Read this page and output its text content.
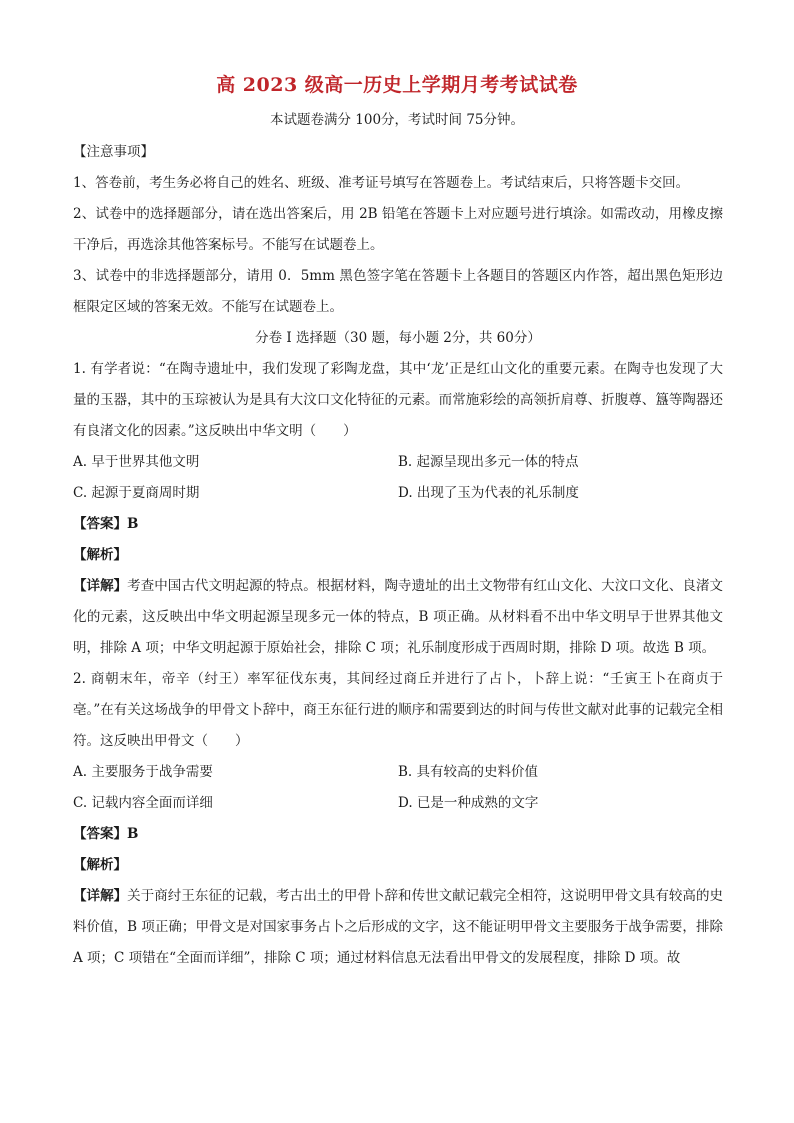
高 2023 级高一历史上学期月考考试试卷
本试题卷满分 100分，考试时间 75分钟。

【注意事项】

1、答卷前，考生务必将自己的姓名、班级、准考证号填写在答题卷上。考试结束后，只将答题卡交回。

2、试卷中的选择题部分，请在选出答案后，用 2B 铅笔在答题卡上对应题号进行填涂。如需改动，用橡皮擦干净后，再选涂其他答案标号。不能写在试题卷上。

3、试卷中的非选择题部分，请用 0．5mm 黑色签字笔在答题卡上各题目的答题区内作答，超出黑色矩形边框限定区域的答案无效。不能写在试题卷上。

分卷 I 选择题（30 题，每小题 2分，共 60分）

1. 有学者说：“在陶寺遗址中，我们发现了彩陶龙盘，其中‘龙’正是红山文化的重要元素。在陶寺也发现了大量的玉器，其中的玉琮被认为是具有大汶口文化特征的元素。而常施彩绘的高领折肩尊、折腹尊、簋等陶器还有良渚文化的因素。”这反映出中华文明（　　）

A. 早于世界其他文明	B. 起源呈现出多元一体的特点
C. 起源于夏商周时期	D. 出现了玉为代表的礼乐制度

【答案】B

【解析】

【详解】考查中国古代文明起源的特点。根据材料，陶寺遗址的出土文物带有红山文化、大汶口文化、良渚文化的元素，这反映出中华文明起源呈现多元一体的特点，B 项正确。从材料看不出中华文明早于世界其他文明，排除 A 项；中华文明起源于原始社会，排除 C 项；礼乐制度形成于西周时期，排除 D 项。故选 B 项。

2. 商朝末年，帝辛（纣王）率军征伐东夷，其间经过商丘并进行了占卜，卜辞上说：“壬寅王卜在商贞于亳。”在有关这场战争的甲骨文卜辞中，商王东征行进的顺序和需要到达的时间与传世文献对此事的记载完全相符。这反映出甲骨文（　　）

A. 主要服务于战争需要	B. 具有较高的史料价值
C. 记载内容全面而详细	D. 已是一种成熟的文字

【答案】B

【解析】

【详解】关于商纣王东征的记载，考古出土的甲骨卜辞和传世文献记载完全相符，这说明甲骨文具有较高的史料价值，B 项正确；甲骨文是对国家事务占卜之后形成的文字，这不能证明甲骨文主要服务于战争需要，排除 A 项；C 项错在“全面而详细”，排除 C 项；通过材料信息无法看出甲骨文的发展程度，排除 D 项。故
